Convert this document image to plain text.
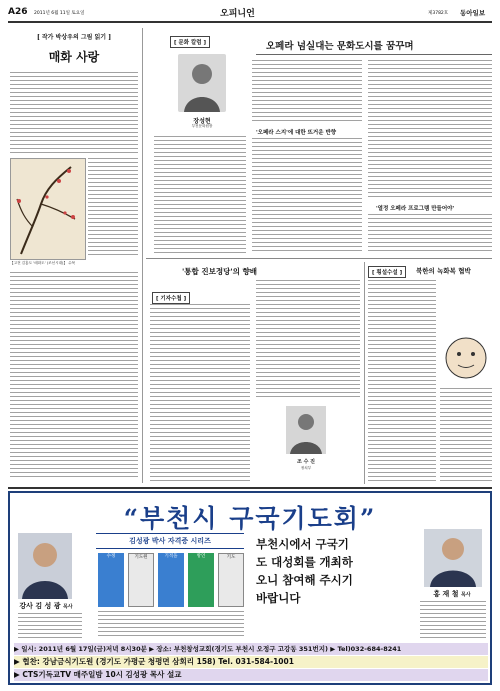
A26 2011년 6월 11일 토요일	오피니언	제3782호 동아일보
[ 작가 박상우의 그림 읽기 ]
매화 사랑
【고전 김홍도 '매화도' (조선시대)】 수묵
[ 문화 칼럼 ]
장성현
부천문화원장
오페라 넘실대는 문화도시를 꿈꾸며
'오페라 스지'에 대한 뜨거운 반향
'열정 오페라 프로그램 만들어야'
'통합 진보정당'의 향배
[ 기자수첩 ]
조 수 진
정치부
[ 횡설수설 ]	북한의 녹화복 협박
“부천시 구국기도회”
강사 김 성 광 목사
김성광 박사 자격증 시리즈
수정	기도원	기적을	방언	기도
부천시에서 구국기
도 대성회를 개최하
오니 참여해 주시기
바랍니다	홍 재 철 목사
▶ 일시: 2011년 6월 17일(금)저녁 8시30분 ▶ 장소: 부천창성교회(경기도 부천시 오정구 고강동 351번지) ▶ Tel)032-684-8241
▶ 협찬: 강남금식기도원 (경기도 가평군 청평면 삼회리 158) Tel. 031-584-1001
▶ CTS기독교TV 매주일밤 10시 김성광 목사 설교
